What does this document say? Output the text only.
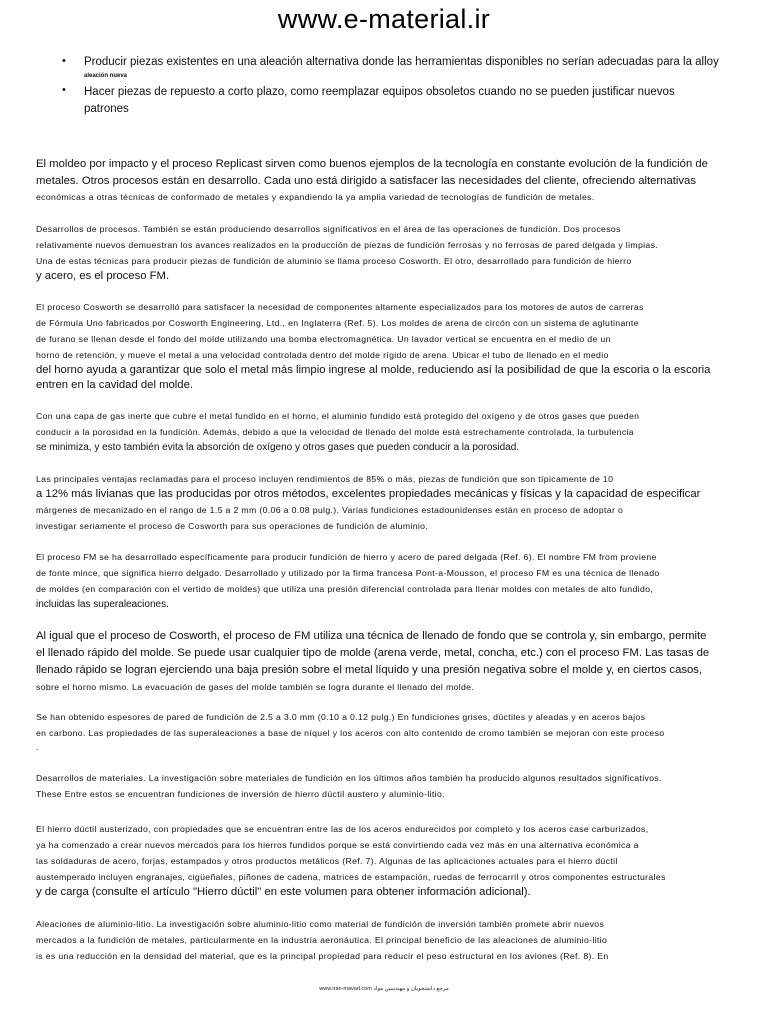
www.e-material.ir
• Producir piezas existentes en una aleación alternativa donde las herramientas disponibles no serían adecuadas para la alloy
aleación nueva
• Hacer piezas de repuesto a corto plazo, como reemplazar equipos obsoletos cuando no se pueden justificar nuevos
patrones
El moldeo por impacto y el proceso Replicast sirven como buenos ejemplos de la tecnología en constante evolución de la fundición de
metales. Otros procesos están en desarrollo. Cada uno está dirigido a satisfacer las necesidades del cliente, ofreciendo alternativas
económicas a otras técnicas de conformado de metales y expandiendo la ya amplia variedad de tecnologías de fundición de metales.
Desarrollos de procesos. También se están produciendo desarrollos significativos en el área de las operaciones de fundición. Dos procesos
relativamente nuevos demuestran los avances realizados en la producción de piezas de fundición ferrosas y no ferrosas de pared delgada y limpias.
Una de estas técnicas para producir piezas de fundición de aluminio se llama proceso Cosworth. El otro, desarrollado para fundición de hierro
y acero, es el proceso FM.
El proceso Cosworth se desarrolló para satisfacer la necesidad de componentes altamente especializados para los motores de autos de carreras
de Fórmula Uno fabricados por Cosworth Engineering, Ltd., en Inglaterra (Ref. 5). Los moldes de arena de circón con un sistema de aglutinante
de furano se llenan desde el fondo del molde utilizando una bomba electromagnética. Un lavador vertical se encuentra en el medio de un
horno de retención, y mueve el metal a una velocidad controlada dentro del molde rígido de arena. Ubicar el tubo de llenado en el medio
del horno ayuda a garantizar que solo el metal más limpio ingrese al molde, reduciendo así la posibilidad de que la escoria o la escoria
entren en la cavidad del molde.
Con una capa de gas inerte que cubre el metal fundido en el horno, el aluminio fundido está protegido del oxígeno y de otros gases que pueden
conducir a la porosidad en la fundición. Además, debido a que la velocidad de llenado del molde está estrechamente controlada, la turbulencia
se minimiza, y esto también evita la absorción de oxígeno y otros gases que pueden conducir a la porosidad.
Las principales ventajas reclamadas para el proceso incluyen rendimientos de 85% o más, piezas de fundición que son típicamente de 10
a 12% más livianas que las producidas por otros métodos, excelentes propiedades mecánicas y físicas y la capacidad de especificar
márgenes de mecanizado en el rango de 1.5 a 2 mm (0.06 a 0.08 pulg.). Varias fundiciones estadounidenses están en proceso de adoptar o
investigar seriamente el proceso de Cosworth para sus operaciones de fundición de aluminio.
El proceso FM se ha desarrollado específicamente para producir fundición de hierro y acero de pared delgada (Ref. 6). El nombre FM from proviene
de fonte mince, que significa hierro delgado. Desarrollado y utilizado por la firma francesa Pont-a-Mousson, el proceso FM es una técnica de llenado
de moldes (en comparación con el vertido de moldes) que utiliza una presión diferencial controlada para llenar moldes con metales de alto fundido,
incluidas las superaleaciones.
Al igual que el proceso de Cosworth, el proceso de FM utiliza una técnica de llenado de fondo que se controla y, sin embargo, permite
el llenado rápido del molde. Se puede usar cualquier tipo de molde (arena verde, metal, concha, etc.) con el proceso FM. Las tasas de
llenado rápido se logran ejerciendo una baja presión sobre el metal líquido y una presión negativa sobre el molde y, en ciertos casos,
sobre el horno mismo. La evacuación de gases del molde también se logra durante el llenado del molde.
Se han obtenido espesores de pared de fundición de 2.5 a 3.0 mm (0.10 a 0.12 pulg.) En fundiciones grises, dúctiles y aleadas y en aceros bajos
en carbono. Las propiedades de las superaleaciones a base de níquel y los aceros con alto contenido de cromo también se mejoran con este proceso
.
Desarrollos de materiales. La investigación sobre materiales de fundición en los últimos años también ha producido algunos resultados significativos.
These Entre estos se encuentran fundiciones de inversión de hierro dúctil austero y aluminio-litio.
El hierro dúctil austerizado, con propiedades que se encuentran entre las de los aceros endurecidos por completo y los aceros case carburizados,
ya ha comenzado a crear nuevos mercados para los hierros fundidos porque se está convirtiendo cada vez más en una alternativa económica a
las soldaduras de acero, forjas, estampados y otros productos metálicos (Ref. 7). Algunas de las aplicaciones actuales para el hierro dúctil
austemperado incluyen engranajes, cigüeñales, piñones de cadena, matrices de estampación, ruedas de ferrocarril y otros componentes estructurales
y de carga (consulte el artículo "Hierro dúctil" en este volumen para obtener información adicional).
Aleaciones de aluminio-litio. La investigación sobre aluminio-litio como material de fundición de inversión también promete abrir nuevos
mercados a la fundición de metales, particularmente en la industria aeronáutica. El principal beneficio de las aleaciones de aluminio-litio
is es una reducción en la densidad del material, que es la principal propiedad para reducir el peso estructural en los aviones (Ref. 8). En
www.iran-mavad.com مرجع دانشجویان و مهندسین مواد
